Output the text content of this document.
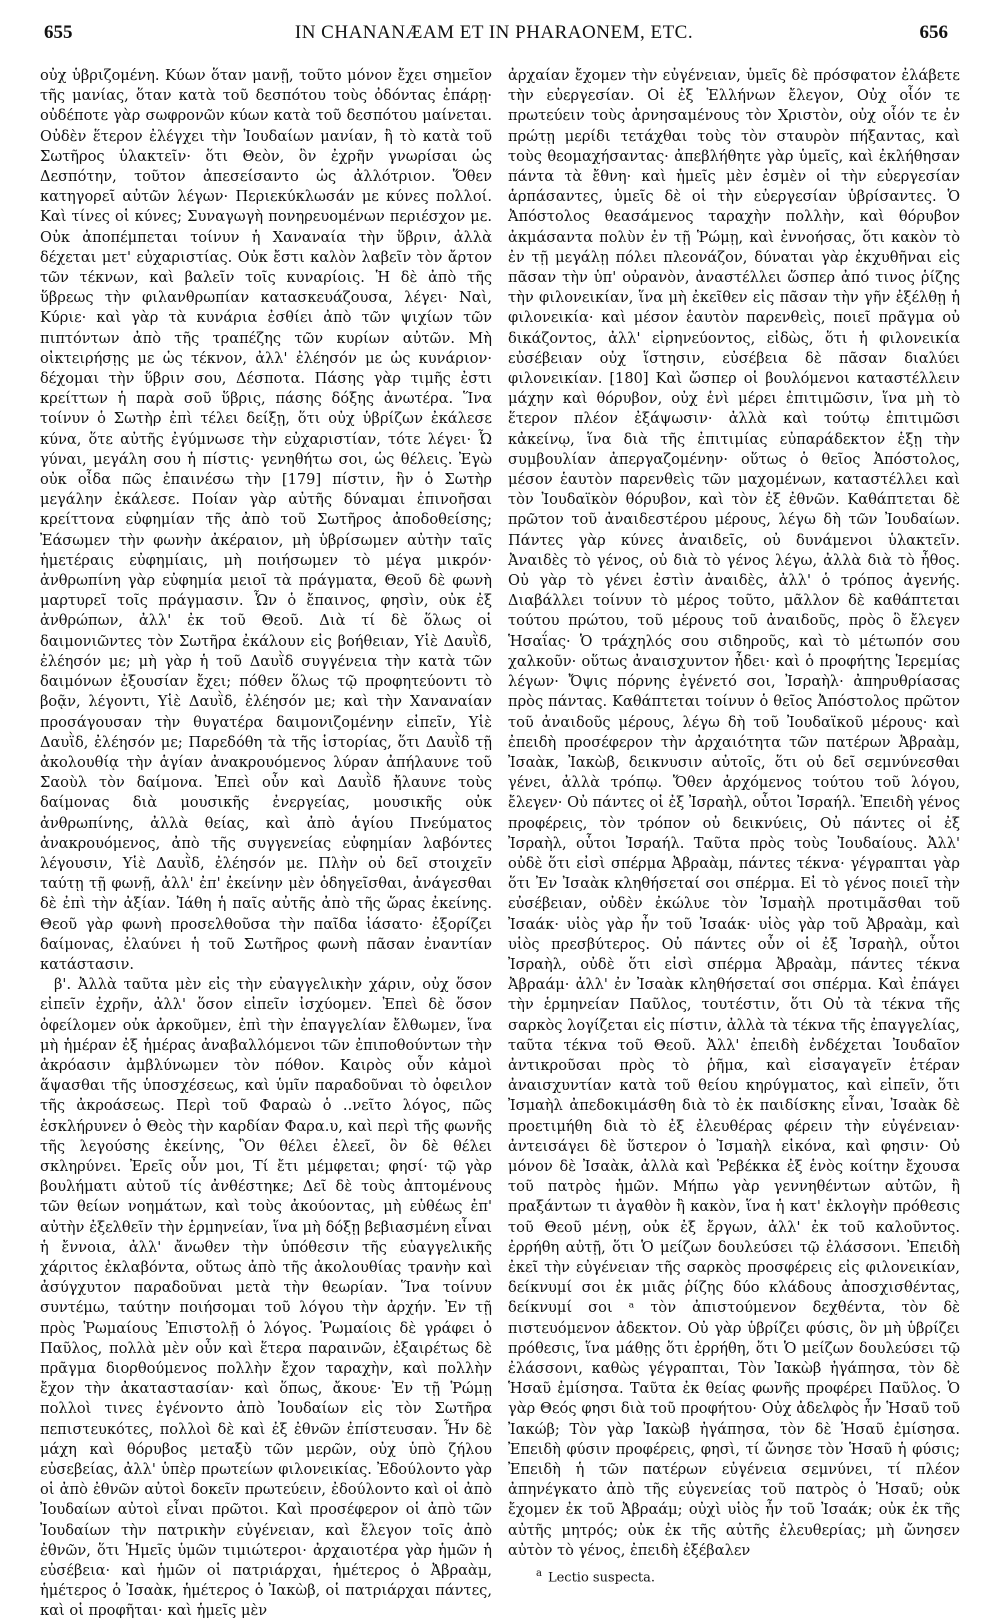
655	IN CHANANÆAM ET IN PHARAONEM, ETC.	656

οὐχ ὑβριζομένη. Κύων ὅταν μανῇ, τοῦτο μόνον ἔχει σημεῖον τῆς μανίας, ὅταν κατὰ τοῦ δεσπότου τοὺς ὀδόντας ἐπάρῃ· οὐδέποτε γὰρ σωφρονῶν κύων κατὰ τοῦ δεσπότου μαίνεται. Οὐδὲν ἕτερον ἐλέγχει τὴν Ἰουδαίων μανίαν, ἢ τὸ κατὰ τοῦ Σωτῆρος ὑλακτεῖν· ὅτι Θεὸν, ὃν ἐχρῆν γνωρίσαι ὡς Δεσπότην, τοῦτον ἀπεσείσαντο ὡς ἀλλότριον. Ὅθεν κατηγορεῖ αὐτῶν λέγων· Περιεκύκλωσάν με κύνες πολλοί. Καὶ τίνες οἱ κύνες; Συναγωγὴ πονηρευομένων περιέσχον με. Οὐκ ἀποπέμπεται τοίνυν ἡ Χαναναία τὴν ὕβριν, ἀλλὰ δέχεται μετ' εὐχαριστίας. Οὐκ ἔστι καλὸν λαβεῖν τὸν ἄρτον τῶν τέκνων, καὶ βαλεῖν τοῖς κυναρίοις. Ἡ δὲ ἀπὸ τῆς ὕβρεως τὴν φιλανθρωπίαν κατασκευάζουσα, λέγει· Ναὶ, Κύριε· καὶ γὰρ τὰ κυνάρια ἐσθίει ἀπὸ τῶν ψιχίων τῶν πιπτόντων ἀπὸ τῆς τραπέζης τῶν κυρίων αὐτῶν. Μὴ οἰκτειρήσῃς με ὡς τέκνον, ἀλλ' ἐλέησόν με ὡς κυνάριον· δέχομαι τὴν ὕβριν σου, Δέσποτα. Πάσης γὰρ τιμῆς ἐστι κρείττων ἡ παρὰ σοῦ ὕβρις, πάσης δόξης ἀνωτέρα. Ἵνα τοίνυν ὁ Σωτὴρ ἐπὶ τέλει δείξῃ, ὅτι οὐχ ὑβρίζων ἐκάλεσε κύνα, ὅτε αὐτῆς ἐγύμνωσε τὴν εὐχαριστίαν, τότε λέγει· Ὦ γύναι, μεγάλη σου ἡ πίστις· γενηθήτω σοι, ὡς θέλεις. Ἐγὼ οὐκ οἶδα πῶς ἐπαινέσω τὴν [179] πίστιν, ἣν ὁ Σωτὴρ μεγάλην ἐκάλεσε. Ποίαν γὰρ αὐτῆς δύναμαι ἐπινοῆσαι κρείττονα εὐφημίαν τῆς ἀπὸ τοῦ Σωτῆρος ἀποδοθείσης; Ἐάσωμεν τὴν φωνὴν ἀκέραιον, μὴ ὑβρίσωμεν αὐτὴν ταῖς ἡμετέραις εὐφημίαις, μὴ ποιήσωμεν τὸ μέγα μικρόν· ἀνθρωπίνη γὰρ εὐφημία μειοῖ τὰ πράγματα, Θεοῦ δὲ φωνὴ μαρτυρεῖ τοῖς πράγμασιν. Ὧν ὁ ἔπαινος, φησὶν, οὐκ ἐξ ἀνθρώπων, ἀλλ' ἐκ τοῦ Θεοῦ. Διὰ τί δὲ ὅλως οἱ δαιμονιῶντες τὸν Σωτῆρα ἐκάλουν εἰς βοήθειαν, Υἱὲ Δαυῒδ, ἐλέησόν με; μὴ γὰρ ἡ τοῦ Δαυῒδ συγγένεια τὴν κατὰ τῶν δαιμόνων ἐξουσίαν ἔχει; πόθεν ὅλως τῷ προφητεύοντι τὸ βοᾷν, λέγοντι, Υἱὲ Δαυῒδ, ἐλέησόν με; καὶ τὴν Χαναναίαν προσάγουσαν τὴν θυγατέρα δαιμονιζομένην εἰπεῖν, Υἱὲ Δαυῒδ, ἐλέησόν με; Παρεδόθη τὰ τῆς ἱστορίας, ὅτι Δαυῒδ τῇ ἀκολουθίᾳ τὴν ἁγίαν ἀνακρουόμενος λύραν ἀπήλαυνε τοῦ Σαοὺλ τὸν δαίμονα. Ἐπεὶ οὖν καὶ Δαυῒδ ἤλαυνε τοὺς δαίμονας διὰ μουσικῆς ἐνεργείας, μουσικῆς οὐκ ἀνθρωπίνης, ἀλλὰ θείας, καὶ ἀπὸ ἁγίου Πνεύματος ἀνακρουόμενος, ἀπὸ τῆς συγγενείας εὐφημίαν λαβόντες λέγουσιν, Υἱὲ Δαυῒδ, ἐλέησόν με. Πλὴν οὐ δεῖ στοιχεῖν ταύτῃ τῇ φωνῇ, ἀλλ' ἐπ' ἐκείνην μὲν ὁδηγεῖσθαι, ἀνάγεσθαι δὲ ἐπὶ τὴν ἀξίαν. Ἰάθη ἡ παῖς αὐτῆς ἀπὸ τῆς ὥρας ἐκείνης. Θεοῦ γὰρ φωνὴ προσελθοῦσα τὴν παῖδα ἰάσατο· ἐξορίζει δαίμονας, ἐλαύνει ἡ τοῦ Σωτῆρος φωνὴ πᾶσαν ἐναντίαν κατάστασιν.

β'. Ἀλλὰ ταῦτα μὲν εἰς τὴν εὐαγγελικὴν χάριν, οὐχ ὅσον εἰπεῖν ἐχρῆν, ἀλλ' ὅσον εἰπεῖν ἰσχύομεν. Ἐπεὶ δὲ ὅσον ὀφείλομεν οὐκ ἀρκοῦμεν, ἐπὶ τὴν ἐπαγγελίαν ἔλθωμεν, ἵνα μὴ ἡμέραν ἐξ ἡμέρας ἀναβαλλόμενοι τῶν ἐπιποθούντων τὴν ἀκρόασιν ἀμβλύνωμεν τὸν πόθον. Καιρὸς οὖν κἀμοὶ ἅψασθαι τῆς ὑποσχέσεως, καὶ ὑμῖν παραδοῦναι τὸ ὀφειλον τῆς ἀκροάσεως. Περὶ τοῦ Φαραὼ ὁ ..νεῖτο λόγος, πῶς ἐσκλήρυνεν ὁ Θεὸς τὴν καρδίαν Φαρα.υ, καὶ περὶ τῆς φωνῆς τῆς λεγούσης ἐκείνης, Ὃν θέλει ἐλεεῖ, ὃν δὲ θέλει σκληρύνει. Ἐρεῖς οὖν μοι, Τί ἔτι μέμφεται; φησί· τῷ γὰρ βουλήματι αὐτοῦ τίς ἀνθέστηκε; Δεῖ δὲ τοὺς ἀπτομένους τῶν θείων νοημάτων, καὶ τοὺς ἀκούοντας, μὴ εὐθέως ἐπ' αὐτὴν ἐξελθεῖν τὴν ἑρμηνείαν, ἵνα μὴ δόξῃ βεβιασμένη εἶναι ἡ ἔννοια, ἀλλ' ἄνωθεν τὴν ὑπόθεσιν τῆς εὐαγγελικῆς χάριτος ἐκλαβόντα, οὕτως ἀπὸ τῆς ἀκολουθίας τρανὴν καὶ ἀσύγχυτον παραδοῦναι μετὰ τὴν θεωρίαν. Ἵνα τοίνυν συντέμω, ταύτην ποιήσομαι τοῦ λόγου τὴν ἀρχήν. Ἐν τῇ πρὸς Ῥωμαίους Ἐπιστολῇ ὁ λόγος. Ῥωμαίοις δὲ γράφει ὁ Παῦλος, πολλὰ μὲν οὖν καὶ ἕτερα παραινῶν, ἐξαιρέτως δὲ πρᾶγμα διορθούμενος πολλὴν ἔχον ταραχὴν, καὶ πολλὴν ἔχον τὴν ἀκαταστασίαν· καὶ ὅπως, ἄκουε· Ἐν τῇ Ῥώμῃ πολλοὶ τινες ἐγένοντο ἀπὸ Ἰουδαίων εἰς τὸν Σωτῆρα πεπιστευκότες, πολλοὶ δὲ καὶ ἐξ ἐθνῶν ἐπίστευσαν. Ἦν δὲ μάχη καὶ θόρυβος μεταξὺ τῶν μερῶν, οὐχ ὑπὸ ζήλου εὐσεβείας, ἀλλ' ὑπὲρ πρωτείων φιλονεικίας. Ἐδούλοντο γὰρ οἱ ἀπὸ ἐθνῶν αὐτοὶ δοκεῖν πρωτεύειν, ἐδούλοντο καὶ οἱ ἀπὸ Ἰουδαίων αὐτοὶ εἶναι πρῶτοι. Καὶ προσέφερον οἱ ἀπὸ τῶν Ἰουδαίων τὴν πατρικὴν εὐγένειαν, καὶ ἔλεγον τοῖς ἀπὸ ἐθνῶν, ὅτι Ἡμεῖς ὑμῶν τιμιώτεροι· ἀρχαιοτέρα γὰρ ἡμῶν ἡ εὐσέβεια· καὶ ἡμῶν οἱ πατριάρχαι, ἡμέτερος ὁ Ἀβραὰμ, ἡμέτερος ὁ Ἰσαὰκ, ἡμέτερος ὁ Ἰακὼβ, οἱ πατριάρχαι πάντες, καὶ οἱ προφῆται· καὶ ἡμεῖς μὲν

ἀρχαίαν ἔχομεν τὴν εὐγένειαν, ὑμεῖς δὲ πρόσφατον ἐλάβετε τὴν εὐεργεσίαν. Οἱ ἐξ Ἑλλήνων ἔλεγον, Οὐχ οἷόν τε πρωτεύειν τοὺς ἀρνησαμένους τὸν Χριστὸν, οὐχ οἷόν τε ἐν πρώτῃ μερίδι τετάχθαι τοὺς τὸν σταυρὸν πήξαντας, καὶ τοὺς θεομαχήσαντας· ἀπεβλήθητε γὰρ ὑμεῖς, καὶ ἐκλήθησαν πάντα τὰ ἔθνη· καὶ ἡμεῖς μὲν ἐσμὲν οἱ τὴν εὐεργεσίαν ἁρπάσαντες, ὑμεῖς δὲ οἱ τὴν εὐεργεσίαν ὑβρίσαντες. Ὁ Ἀπόστολος θεασάμενος ταραχὴν πολλὴν, καὶ θόρυβον ἀκμάσαντα πολὺν ἐν τῇ Ῥώμῃ, καὶ ἐννοήσας, ὅτι κακὸν τὸ ἐν τῇ μεγάλῃ πόλει πλεονάζον, δύναται γὰρ ἐκχυθῆναι εἰς πᾶσαν τὴν ὑπ' οὐρανὸν, ἀναστέλλει ὥσπερ ἀπό τινος ῥίζης τὴν φιλονεικίαν, ἵνα μὴ ἐκεῖθεν εἰς πᾶσαν τὴν γῆν ἐξέλθῃ ἡ φιλονεικία· καὶ μέσον ἑαυτὸν παρενθεὶς, ποιεῖ πρᾶγμα οὐ δικάζοντος, ἀλλ' εἰρηνεύοντος, εἰδὼς, ὅτι ἡ φιλονεικία εὐσέβειαν οὐχ ἵστησιν, εὐσέβεια δὲ πᾶσαν διαλύει φιλονεικίαν. [180] Καὶ ὥσπερ οἱ βουλόμενοι καταστέλλειν μάχην καὶ θόρυβον, οὐχ ἑνὶ μέρει ἐπιτιμῶσιν, ἵνα μὴ τὸ ἕτερον πλέον ἐξάψωσιν· ἀλλὰ καὶ τούτῳ ἐπιτιμῶσι κἀκείνῳ, ἵνα διὰ τῆς ἐπιτιμίας εὐπαράδεκτον ἑξῃ τὴν συμβουλίαν ἀπεργαζομένην· οὕτως ὁ θεῖος Ἀπόστολος, μέσον ἑαυτὸν παρενθεὶς τῶν μαχομένων, καταστέλλει καὶ τὸν Ἰουδαϊκὸν θόρυβον, καὶ τὸν ἐξ ἐθνῶν. Καθάπτεται δὲ πρῶτον τοῦ ἀναιδεστέρου μέρους, λέγω δὴ τῶν Ἰουδαίων. Πάντες γὰρ κύνες ἀναιδεῖς, οὐ δυνάμενοι ὑλακτεῖν. Ἀναιδὲς τὸ γένος, οὐ διὰ τὸ γένος λέγω, ἀλλὰ διὰ τὸ ἦθος. Οὐ γὰρ τὸ γένει ἐστὶν ἀναιδὲς, ἀλλ' ὁ τρόπος ἀγενής. Διαβάλλει τοίνυν τὸ μέρος τοῦτο, μᾶλλον δὲ καθάπτεται τούτου πρώτου, τοῦ μέρους τοῦ ἀναιδοῦς, πρὸς ὃ ἔλεγεν Ἡσαΐας· Ὁ τράχηλός σου σιδηροῦς, καὶ τὸ μέτωπόν σου χαλκοῦν· οὕτως ἀναισχυντον ἦδει· καὶ ὁ προφήτης Ἱερεμίας λέγων· Ὄψις πόρνης ἐγένετό σοι, Ἰσραὴλ· ἀπηρυθρίασας πρὸς πάντας. Καθάπτεται τοίνυν ὁ θεῖος Ἀπόστολος πρῶτον τοῦ ἀναιδοῦς μέρους, λέγω δὴ τοῦ Ἰουδαϊκοῦ μέρους· καὶ ἐπειδὴ προσέφερον τὴν ἀρχαιότητα τῶν πατέρων Ἀβραὰμ, Ἰσαὰκ, Ἰακὼβ, δεικνυσιν αὐτοῖς, ὅτι οὐ δεῖ σεμνύνεσθαι γένει, ἀλλὰ τρόπῳ. Ὅθεν ἀρχόμενος τούτου τοῦ λόγου, ἔλεγεν· Οὐ πάντες οἱ ἐξ Ἰσραὴλ, οὗτοι Ἰσραήλ. Ἐπειδὴ γένος προφέρεις, τὸν τρόπον οὐ δεικνύεις, Οὐ πάντες οἱ ἐξ Ἰσραὴλ, οὗτοι Ἰσραήλ. Ταῦτα πρὸς τοὺς Ἰουδαίους. Ἀλλ' οὐδὲ ὅτι εἰσὶ σπέρμα Ἀβραὰμ, πάντες τέκνα· γέγραπται γὰρ ὅτι Ἐν Ἰσαὰκ κληθήσεταί σοι σπέρμα. Εἰ τὸ γένος ποιεῖ τὴν εὐσέβειαν, οὐδὲν ἐκώλυε τὸν Ἰσμαὴλ προτιμᾶσθαι τοῦ Ἰσαάκ· υἱὸς γὰρ ἦν τοῦ Ἰσαάκ· υἱὸς γὰρ τοῦ Ἀβραὰμ, καὶ υἱὸς πρεσβύτερος. Οὐ πάντες οὖν οἱ ἐξ Ἰσραὴλ, οὗτοι Ἰσραὴλ, οὐδὲ ὅτι εἰσὶ σπέρμα Ἀβραὰμ, πάντες τέκνα Ἀβραάμ· ἀλλ' ἐν Ἰσαὰκ κληθήσεταί σοι σπέρμα. Καὶ ἐπάγει τὴν ἑρμηνείαν Παῦλος, τουτέστιν, ὅτι Οὐ τὰ τέκνα τῆς σαρκὸς λογίζεται εἰς πίστιν, ἀλλὰ τὰ τέκνα τῆς ἐπαγγελίας, ταῦτα τέκνα τοῦ Θεοῦ. Ἀλλ' ἐπειδὴ ἐνδέχεται Ἰουδαῖον ἀντικροῦσαι πρὸς τὸ ῥῆμα, καὶ εἰσαγαγεῖν ἑτέραν ἀναισχυντίαν κατὰ τοῦ θείου κηρύγματος, καὶ εἰπεῖν, ὅτι Ἰσμαὴλ ἀπεδοκιμάσθη διὰ τὸ ἐκ παιδίσκης εἶναι, Ἰσαὰκ δὲ προετιμήθη διὰ τὸ ἐξ ἐλευθέρας φέρειν τὴν εὐγένειαν· ἀντεισάγει δὲ ὕστερον ὁ Ἰσμαὴλ εἰκόνα, καὶ φησιν· Οὐ μόνον δὲ Ἰσαὰκ, ἀλλὰ καὶ Ῥεβέκκα ἐξ ἑνὸς κοίτην ἔχουσα τοῦ πατρὸς ἡμῶν. Μήπω γὰρ γεννηθέντων αὐτῶν, ἢ πραξάντων τι ἀγαθὸν ἢ κακὸν, ἵνα ἡ κατ' ἐκλογὴν πρόθεσις τοῦ Θεοῦ μένῃ, οὐκ ἐξ ἔργων, ἀλλ' ἐκ τοῦ καλοῦντος. ἐρρήθη αὐτῇ, ὅτι Ὁ μείζων δουλεύσει τῷ ἐλάσσονι. Ἐπειδὴ ἐκεῖ τὴν εὐγένειαν τῆς σαρκὸς προσφέρεις εἰς φιλονεικίαν, δείκνυμί σοι ἐκ μιᾶς ῥίζης δύο κλάδους ἀποσχισθέντας, δείκνυμί σοι ᵃ τὸν ἀπιστούμενον δεχθέντα, τὸν δὲ πιστευόμενον ἀδεκτον. Οὐ γὰρ ὑβρίζει φύσις, ὃν μὴ ὑβρίζει πρόθεσις, ἵνα μάθῃς ὅτι ἐρρήθη, ὅτι Ὁ μείζων δουλεύσει τῷ ἐλάσσονι, καθὼς γέγραπται, Τὸν Ἰακὼβ ἠγάπησα, τὸν δὲ Ἡσαῦ ἐμίσησα. Ταῦτα ἐκ θείας φωνῆς προφέρει Παῦλος. Ὁ γὰρ Θεός φησι διὰ τοῦ προφήτου· Οὐχ ἀδελφὸς ἦν Ἡσαῦ τοῦ Ἰακώβ; Τὸν γὰρ Ἰακὼβ ἠγάπησα, τὸν δὲ Ἡσαῦ ἐμίσησα. Ἐπειδὴ φύσιν προφέρεις, φησὶ, τί ὤνησε τὸν Ἡσαῦ ἡ φύσις; Ἐπειδὴ ἡ τῶν πατέρων εὐγένεια σεμνύνει, τί πλέον ἀπηνέγκατο ἀπὸ τῆς εὐγενείας τοῦ πατρὸς ὁ Ἡσαῦ; οὐκ ἔχομεν ἐκ τοῦ Ἀβραάμ; οὐχὶ υἱὸς ἦν τοῦ Ἰσαάκ; οὐκ ἐκ τῆς αὐτῆς μητρός; οὐκ ἐκ τῆς αὐτῆς ἐλευθερίας; μὴ ὤνησεν αὐτὸν τὸ γένος, ἐπειδὴ ἐξέβαλεν

$^a$ Lectio suspecta.
